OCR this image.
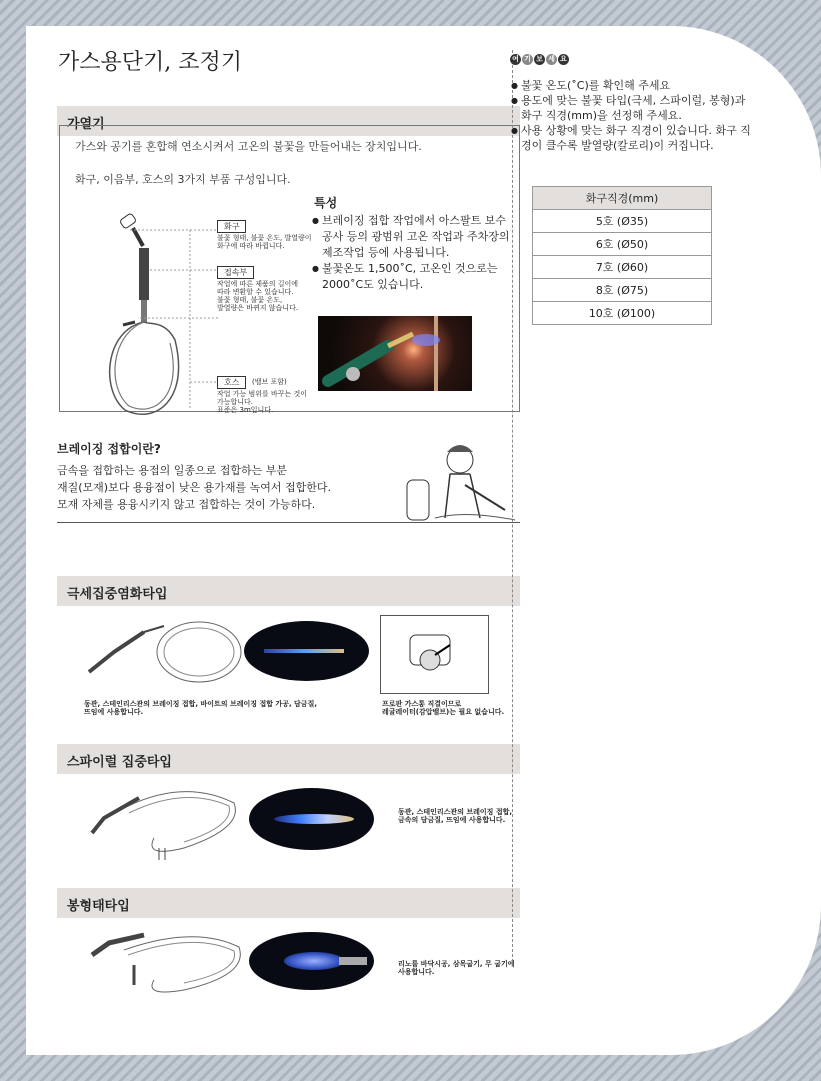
가스용단기, 조정기
가열기

가스와 공기를 혼합해 연소시켜서 고온의 불꽃을 만들어내는 장치입니다.

화구, 이음부, 호스의 3가지 부품 구성입니다.

화구
불꽃 형태, 불꽃 온도, 발열량이
화구에 따라 바뀝니다.
접속부
작업에 따른 제품의 길이에
따라 변환할 수 있습니다.
불꽃 형태, 불꽃 온도,
발열량은 바뀌지 않습니다.
호스	(밸브 포함)
작업 가능 범위를 바꾸는 것이
가능합니다.
표준은 3m입니다.
특성
● 브레이징 접합 작업에서 아스팔트 보수 공사 등의 광범위 고온 작업과 주차장의 제조작업 등에 사용됩니다.
● 불꽃온도 1,500˚C, 고온인 것으로는 2000˚C도 있습니다.
브레이징 접합이란?
금속을 접합하는 용접의 일종으로 접합하는 부분
재질(모재)보다 용융점이 낮은 용가재를 녹여서 접합한다.
모재 자체를 용융시키지 않고 접합하는 것이 가능하다.
극세집중염화타입
동관, 스테인리스관의 브레이징 접합, 바이트의 브레이징 접합 가공, 담금질,
뜨임에 사용합니다.
프로판 가스통 직결이므로
레귤레이터(감압밸브)는 필요 없습니다.
스파이럴 집중타입
동관, 스테인리스관의 브레이징 접합,
금속의 담금질, 뜨임에 사용합니다.
봉형태타입
리노륨 바닥시공, 삼목굽기, 무 굽기에
사용합니다.
여 기 보 세 요
● 불꽃 온도(˚C)를 확인해 주세요
● 용도에 맞는 불꽃 타입(극세, 스파이럴, 봉형)과 화구 직경(mm)을 선정해 주세요.
● 사용 상황에 맞는 화구 직경이 있습니다. 화구 직경이 클수록 발열량(칼로리)이 커집니다.
화구직경(mm)
5호 (Ø35)
6호 (Ø50)
7호 (Ø60)
8호 (Ø75)
10호 (Ø100)
